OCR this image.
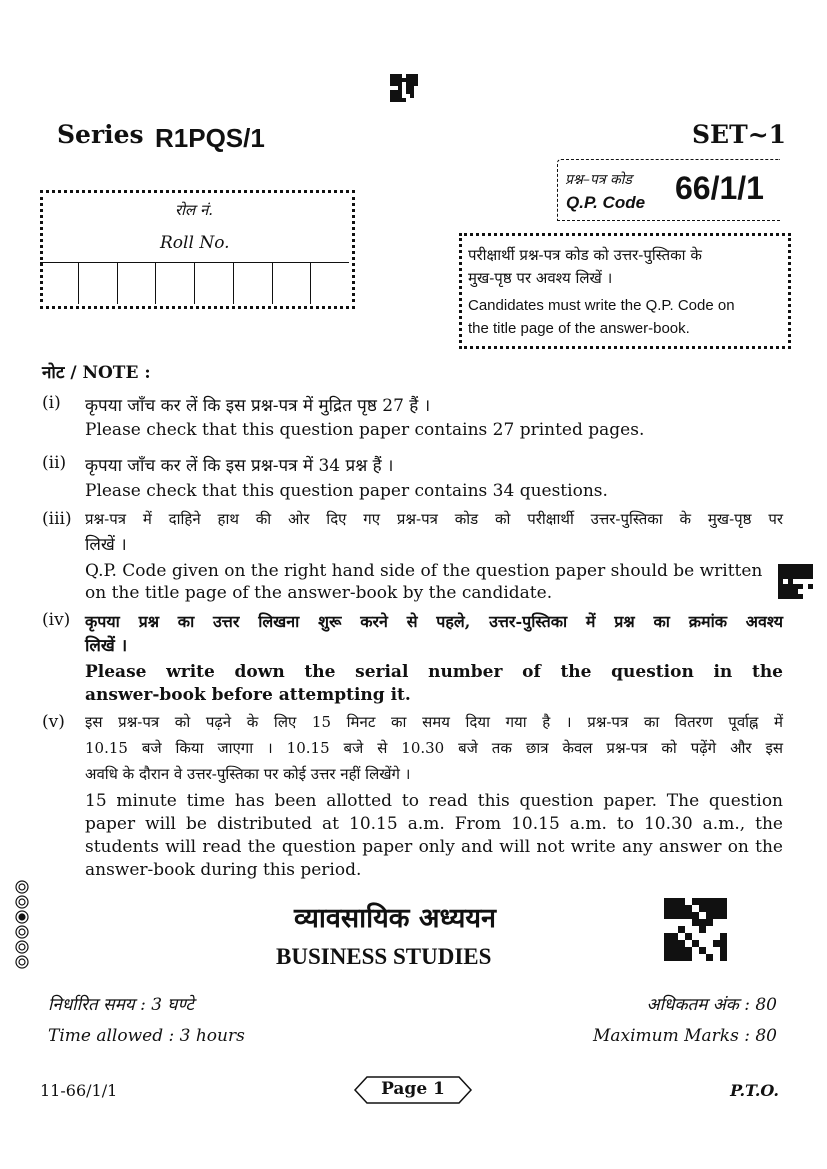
Series R1PQS/1	SET~1
प्रश्न–पत्र कोड
Q.P. Code 66/1/1
रोल नं.
Roll No.
परीक्षार्थी प्रश्न-पत्र कोड को उत्तर-पुस्तिका के
मुख-पृष्ठ पर अवश्य लिखें ।
Candidates must write the Q.P. Code on
the title page of the answer-book.
नोट / NOTE :
(i) कृपया जाँच कर लें कि इस प्रश्न-पत्र में मुद्रित पृष्ठ 27 हैं ।
Please check that this question paper contains 27 printed pages.
(ii) कृपया जाँच कर लें कि इस प्रश्न-पत्र में 34 प्रश्न हैं ।
Please check that this question paper contains 34 questions.
(iii) प्रश्न-पत्र में दाहिने हाथ की ओर दिए गए प्रश्न-पत्र कोड को परीक्षार्थी उत्तर-पुस्तिका के मुख-पृष्ठ पर
लिखें ।
Q.P. Code given on the right hand side of the question paper should be written
on the title page of the answer-book by the candidate.
(iv) कृपया प्रश्न का उत्तर लिखना शुरू करने से पहले, उत्तर-पुस्तिका में प्रश्न का क्रमांक अवश्य
लिखें ।
Please write down the serial number of the question in the
answer-book before attempting it.
(v) इस प्रश्न-पत्र को पढ़ने के लिए 15 मिनट का समय दिया गया है । प्रश्न-पत्र का वितरण पूर्वाह्न में
10.15 बजे किया जाएगा । 10.15 बजे से 10.30 बजे तक छात्र केवल प्रश्न-पत्र को पढ़ेंगे और इस
अवधि के दौरान वे उत्तर-पुस्तिका पर कोई उत्तर नहीं लिखेंगे ।
15 minute time has been allotted to read this question paper. The question
paper will be distributed at 10.15 a.m. From 10.15 a.m. to 10.30 a.m., the
students will read the question paper only and will not write any answer on the
answer-book during this period.
व्यावसायिक अध्ययन
BUSINESS STUDIES
निर्धारित समय : 3 घण्टे	अधिकतम अंक : 80
Time allowed : 3 hours	Maximum Marks : 80
11-66/1/1	Page 1	P.T.O.
